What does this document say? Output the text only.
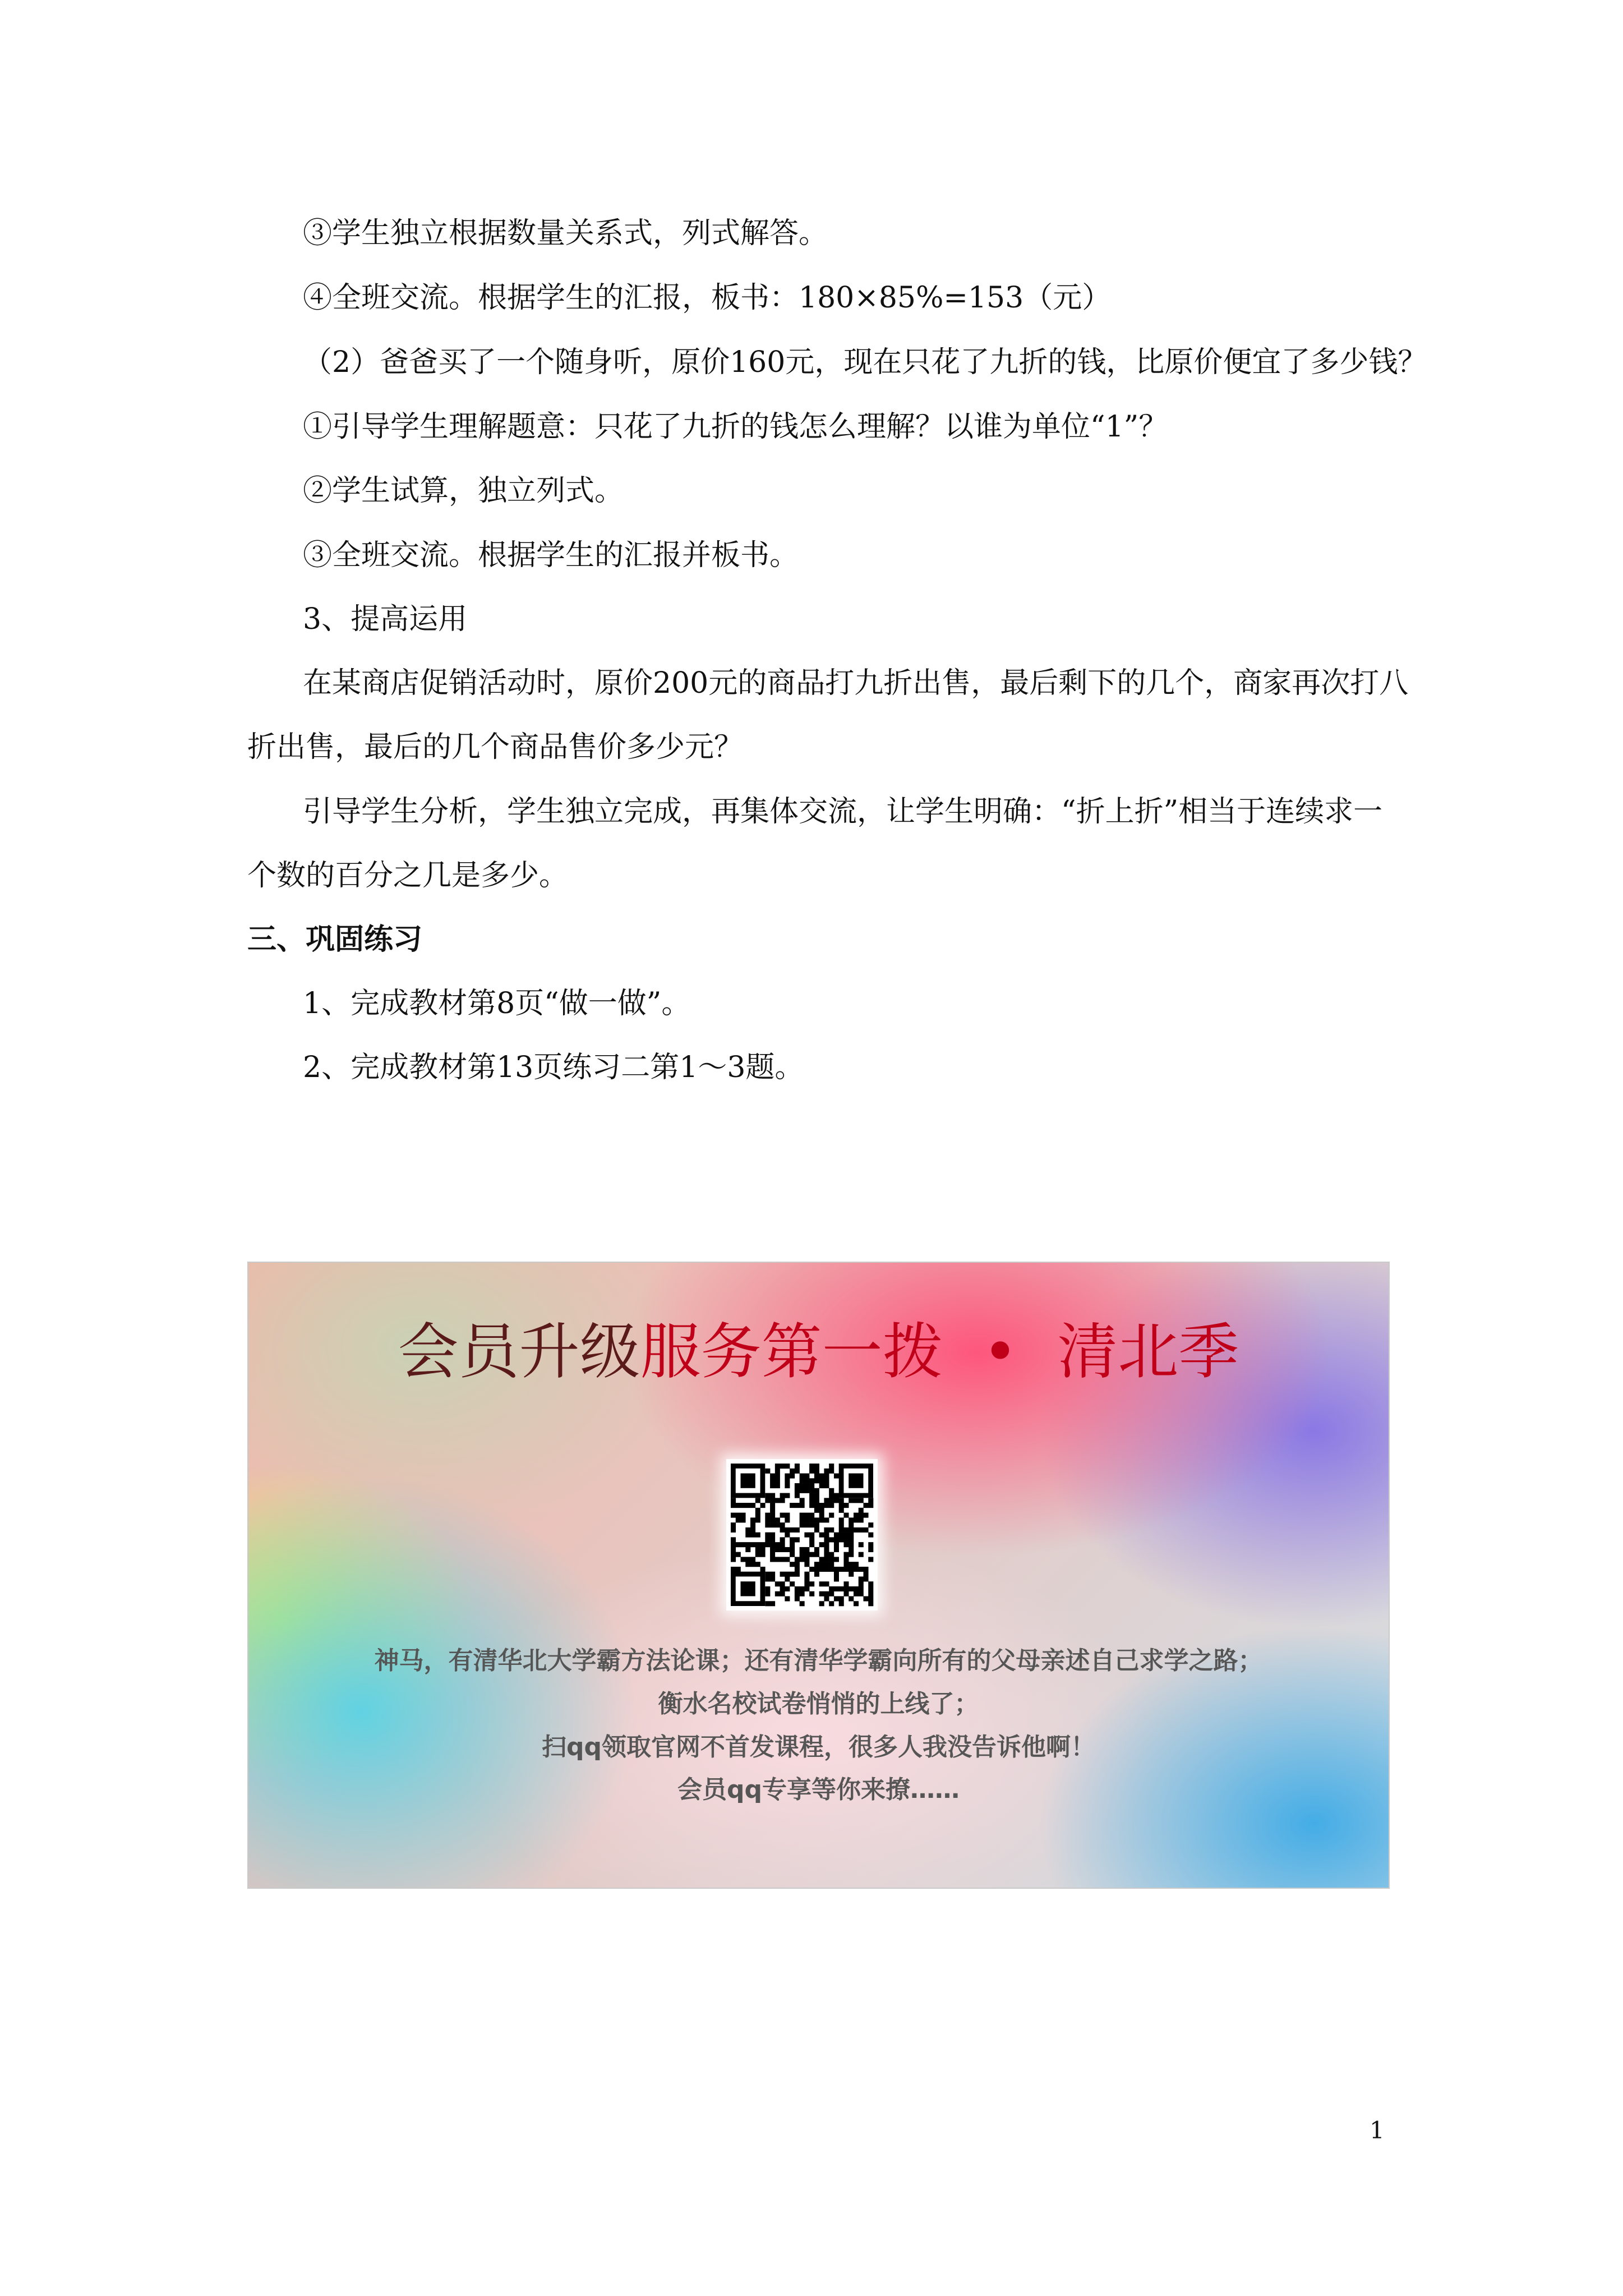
③学生独立根据数量关系式，列式解答。
④全班交流。根据学生的汇报，板书：180×85%=153（元）
（2）爸爸买了一个随身听，原价160元，现在只花了九折的钱，比原价便宜了多少钱？
①引导学生理解题意：只花了九折的钱怎么理解？以谁为单位“1”？
②学生试算，独立列式。
③全班交流。根据学生的汇报并板书。
3、提高运用
在某商店促销活动时，原价200元的商品打九折出售，最后剩下的几个，商家再次打八
折出售，最后的几个商品售价多少元？
引导学生分析，学生独立完成，再集体交流，让学生明确：“折上折”相当于连续求一
个数的百分之几是多少。
三、巩固练习
1、完成教材第8页“做一做”。
2、完成教材第13页练习二第1～3题。
会员升级服务第一拨 • 清北季
神马，有清华北大学霸方法论课；还有清华学霸向所有的父母亲述自己求学之路；
衡水名校试卷悄悄的上线了；
扫qq领取官网不首发课程，很多人我没告诉他啊！
会员qq专享等你来撩……
1
